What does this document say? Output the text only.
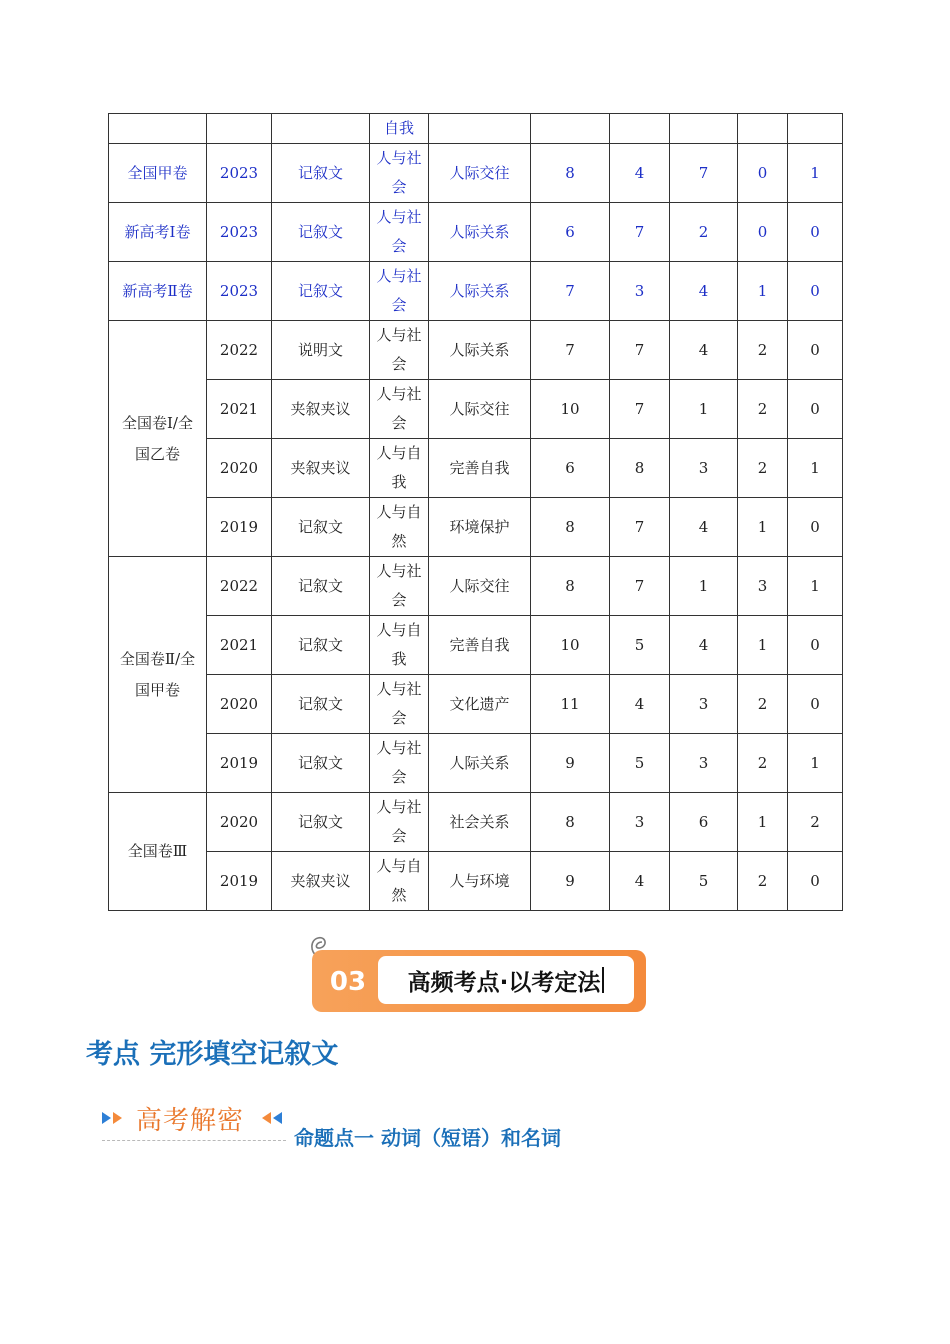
			自我						
全国甲卷	2023	记叙文	人与社会	人际交往	8	4	7	0	1
新高考Ⅰ卷	2023	记叙文	人与社会	人际关系	6	7	2	0	0
新高考Ⅱ卷	2023	记叙文	人与社会	人际关系	7	3	4	1	0
全国卷Ⅰ/全国乙卷	2022	说明文	人与社会	人际关系	7	7	4	2	0
	2021	夹叙夹议	人与社会	人际交往	10	7	1	2	0
	2020	夹叙夹议	人与自我	完善自我	6	8	3	2	1
	2019	记叙文	人与自然	环境保护	8	7	4	1	0
全国卷Ⅱ/全国甲卷	2022	记叙文	人与社会	人际交往	8	7	1	3	1
	2021	记叙文	人与自我	完善自我	10	5	4	1	0
	2020	记叙文	人与社会	文化遗产	11	4	3	2	0
	2019	记叙文	人与社会	人际关系	9	5	3	2	1
全国卷Ⅲ	2020	记叙文	人与社会	社会关系	8	3	6	1	2
	2019	夹叙夹议	人与自然	人与环境	9	4	5	2	0
03	高频考点·以考定法
考点 完形填空记叙文
高考解密
命题点一 动词（短语）和名词
